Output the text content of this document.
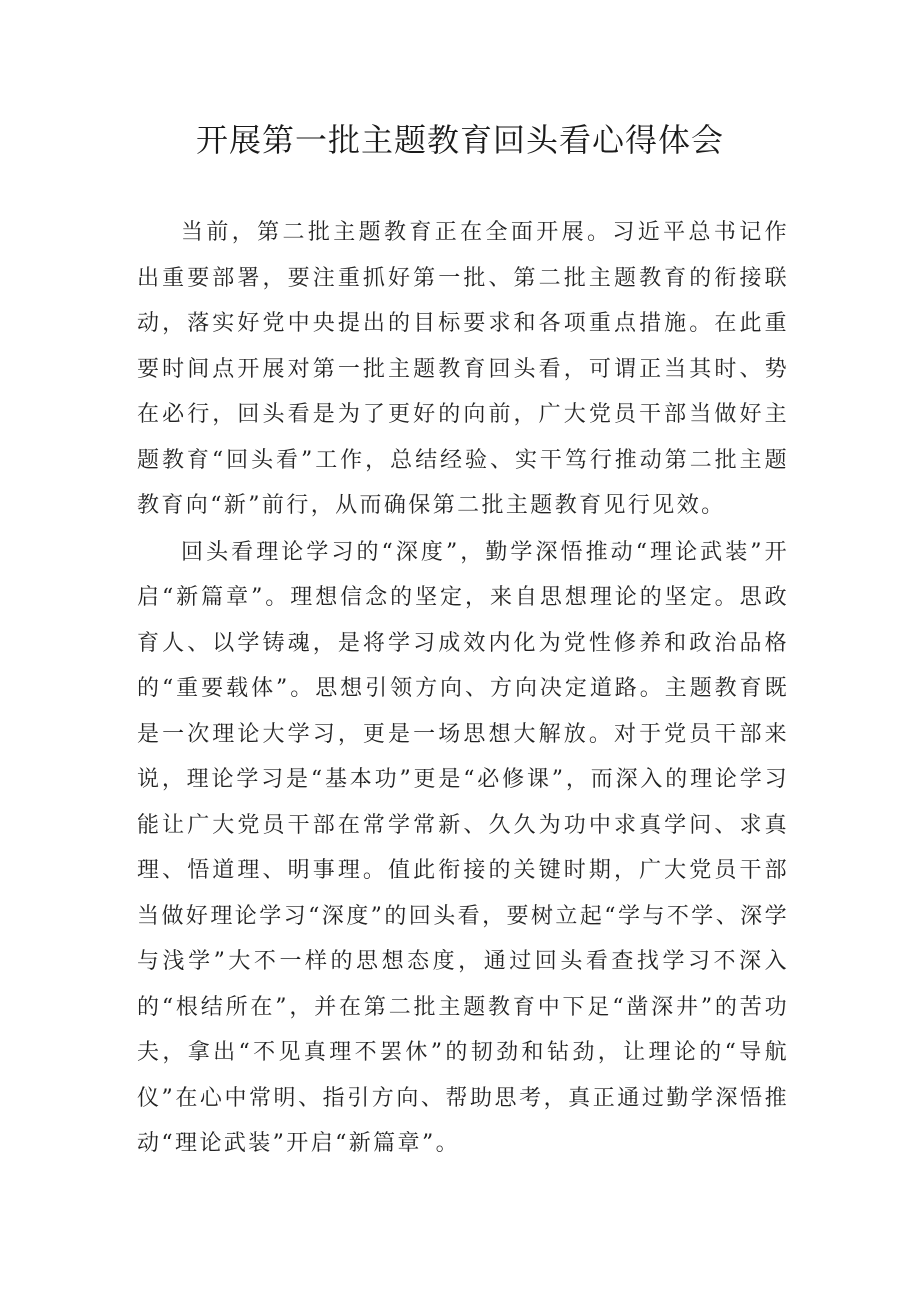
开展第一批主题教育回头看心得体会

当前，第二批主题教育正在全面开展。习近平总书记作出重要部署，要注重抓好第一批、第二批主题教育的衔接联动，落实好党中央提出的目标要求和各项重点措施。在此重要时间点开展对第一批主题教育回头看，可谓正当其时、势在必行，回头看是为了更好的向前，广大党员干部当做好主题教育“回头看”工作，总结经验、实干笃行推动第二批主题教育向“新”前行，从而确保第二批主题教育见行见效。

回头看理论学习的“深度”，勤学深悟推动“理论武装”开启“新篇章”。理想信念的坚定，来自思想理论的坚定。思政育人、以学铸魂，是将学习成效内化为党性修养和政治品格的“重要载体”。思想引领方向、方向决定道路。主题教育既是一次理论大学习，更是一场思想大解放。对于党员干部来说，理论学习是“基本功”更是“必修课”，而深入的理论学习能让广大党员干部在常学常新、久久为功中求真学问、求真理、悟道理、明事理。值此衔接的关键时期，广大党员干部当做好理论学习“深度”的回头看，要树立起“学与不学、深学与浅学”大不一样的思想态度，通过回头看查找学习不深入的“根结所在”，并在第二批主题教育中下足“凿深井”的苦功夫，拿出“不见真理不罢休”的韧劲和钻劲，让理论的“导航仪”在心中常明、指引方向、帮助思考，真正通过勤学深悟推动“理论武装”开启“新篇章”。
